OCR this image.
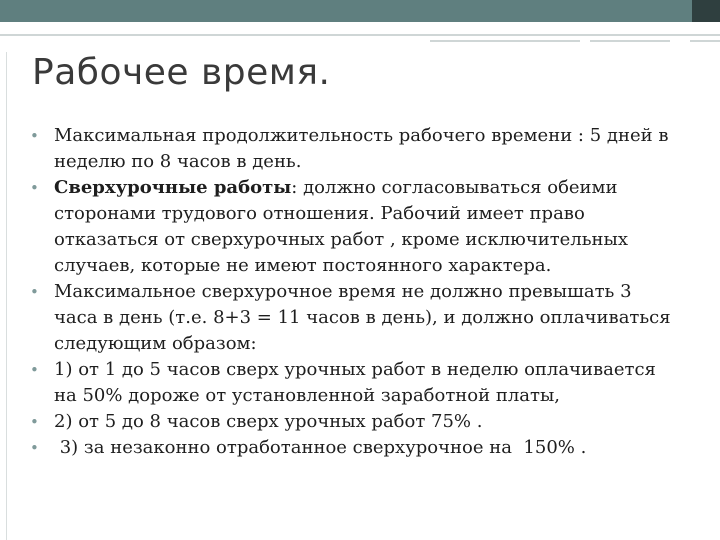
Рабочее время.
• Максимальная продолжительность рабочего времени : 5 дней в неделю по 8 часов в день.
• Сверхурочные работы: должно согласовываться обеими сторонами трудового отношения. Рабочий имеет право отказаться от сверхурочных работ , кроме исключительных случаев, которые не имеют постоянного характера.
• Максимальное сверхурочное время не должно превышать 3 часа в день (т.е. 8+3 = 11 часов в день), и должно оплачиваться следующим образом:
• 1) от 1 до 5 часов сверх урочных работ в неделю оплачивается на 50% дороже от установленной заработной платы,
• 2) от 5 до 8 часов сверх урочных работ 75% .
• 3) за незаконно отработанное сверхурочное на  150% .
